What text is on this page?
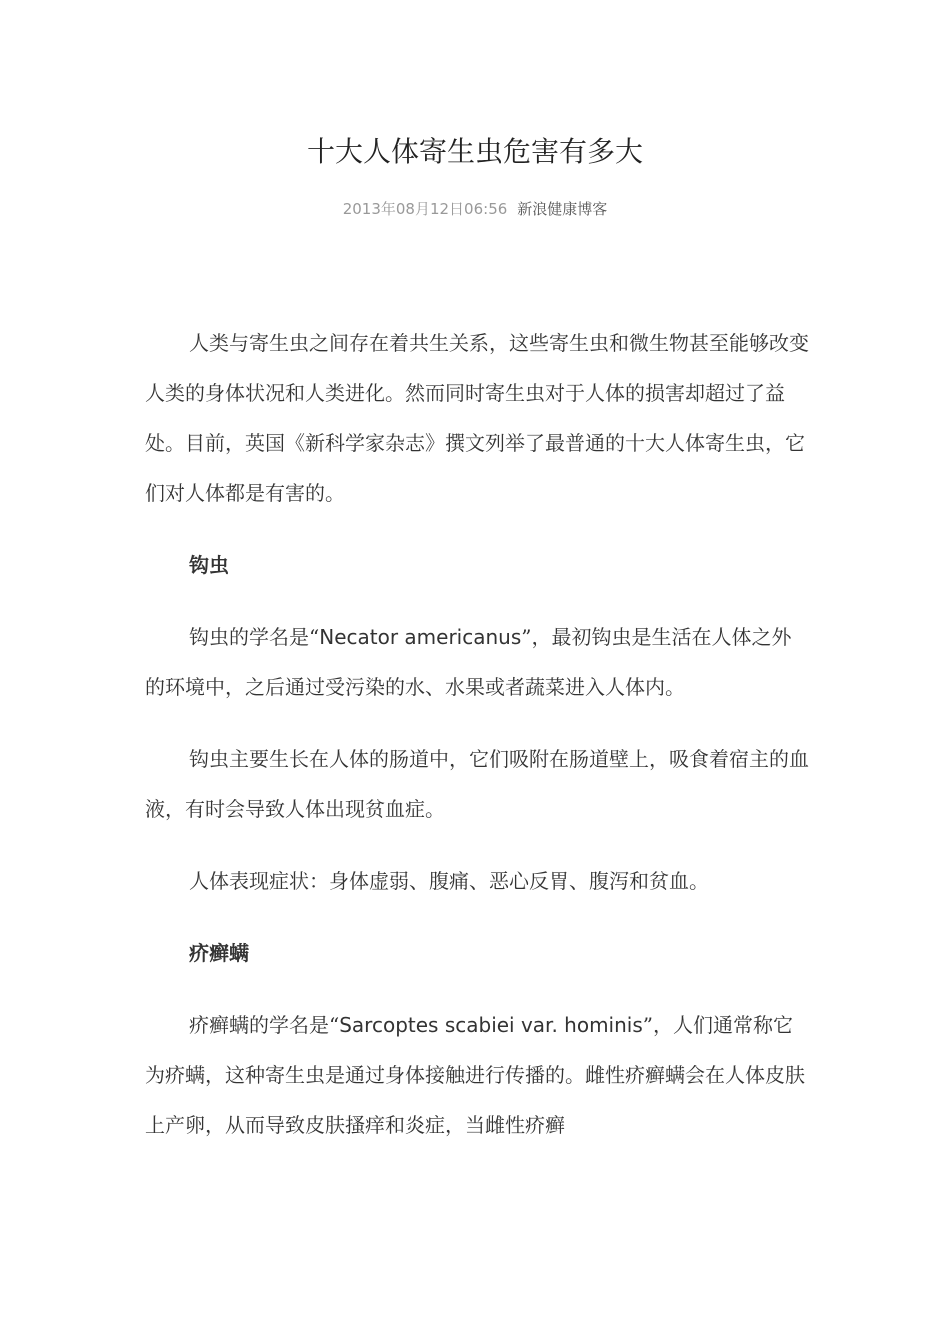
十大人体寄生虫危害有多大
2013年08月12日06:56 新浪健康博客

人类与寄生虫之间存在着共生关系，这些寄生虫和微生物甚至能够改变人类的身体状况和人类进化。然而同时寄生虫对于人体的损害却超过了益处。目前，英国《新科学家杂志》撰文列举了最普通的十大人体寄生虫，它们对人体都是有害的。

钩虫

钩虫的学名是“Necator americanus”，最初钩虫是生活在人体之外的环境中，之后通过受污染的水、水果或者蔬菜进入人体内。

钩虫主要生长在人体的肠道中，它们吸附在肠道壁上，吸食着宿主的血液，有时会导致人体出现贫血症。

人体表现症状：身体虚弱、腹痛、恶心反胃、腹泻和贫血。

疥癣螨

疥癣螨的学名是“Sarcoptes scabiei var. hominis”，人们通常称它为疥螨，这种寄生虫是通过身体接触进行传播的。雌性疥癣螨会在人体皮肤上产卵，从而导致皮肤搔痒和炎症，当雌性疥癣
